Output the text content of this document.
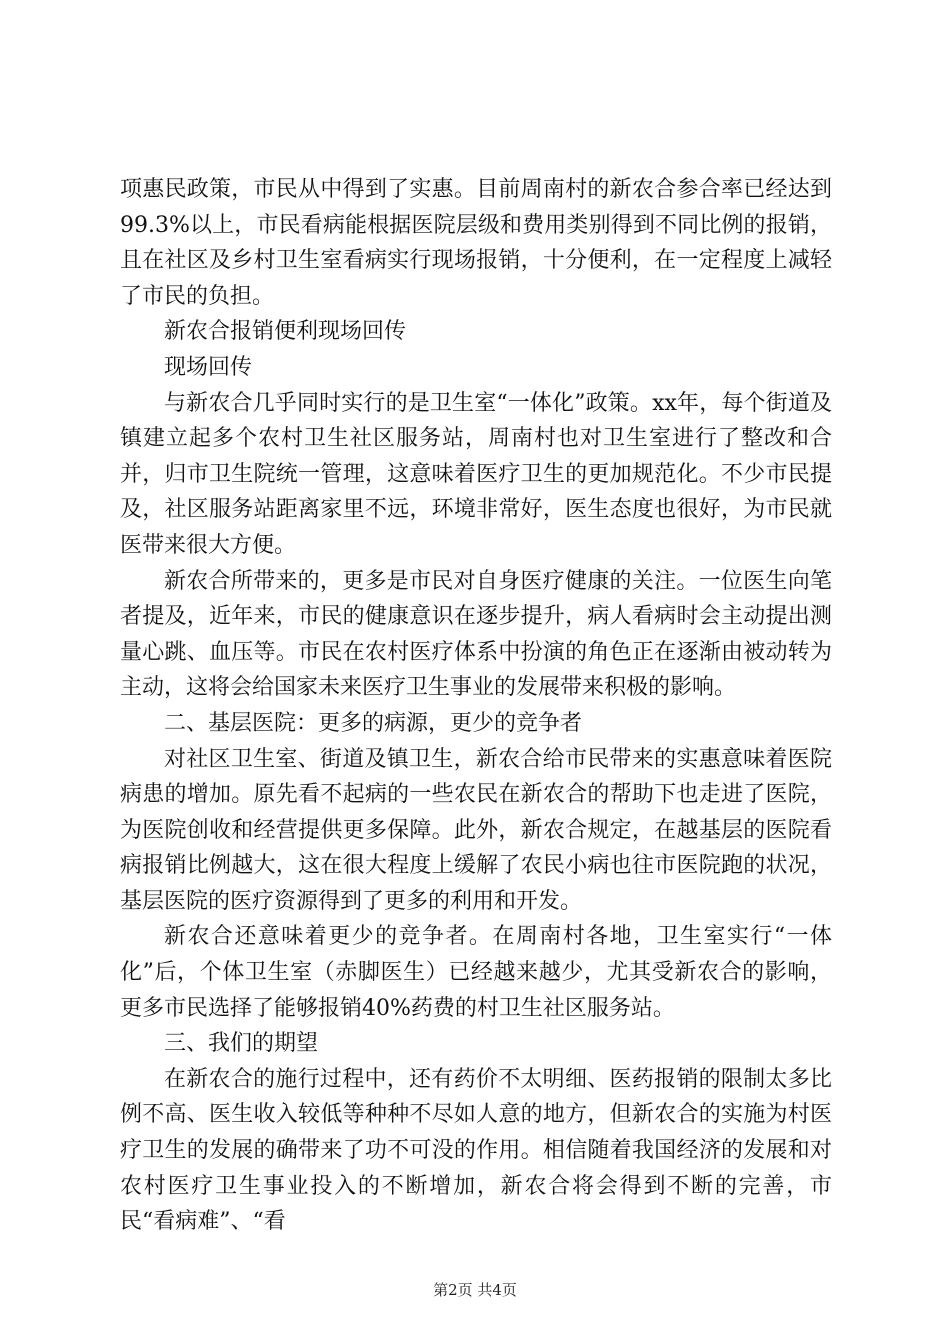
项惠民政策，市民从中得到了实惠。目前周南村的新农合参合率已经达到99.3%以上，市民看病能根据医院层级和费用类别得到不同比例的报销，且在社区及乡村卫生室看病实行现场报销，十分便利，在一定程度上减轻了市民的负担。

新农合报销便利现场回传

现场回传

与新农合几乎同时实行的是卫生室“一体化”政策。xx年，每个街道及镇建立起多个农村卫生社区服务站，周南村也对卫生室进行了整改和合并，归市卫生院统一管理，这意味着医疗卫生的更加规范化。不少市民提及，社区服务站距离家里不远，环境非常好，医生态度也很好，为市民就医带来很大方便。

新农合所带来的，更多是市民对自身医疗健康的关注。一位医生向笔者提及，近年来，市民的健康意识在逐步提升，病人看病时会主动提出测量心跳、血压等。市民在农村医疗体系中扮演的角色正在逐渐由被动转为主动，这将会给国家未来医疗卫生事业的发展带来积极的影响。

二、基层医院：更多的病源，更少的竞争者

对社区卫生室、街道及镇卫生，新农合给市民带来的实惠意味着医院病患的增加。原先看不起病的一些农民在新农合的帮助下也走进了医院，为医院创收和经营提供更多保障。此外，新农合规定，在越基层的医院看病报销比例越大，这在很大程度上缓解了农民小病也往市医院跑的状况，基层医院的医疗资源得到了更多的利用和开发。

新农合还意味着更少的竞争者。在周南村各地，卫生室实行“一体化”后，个体卫生室（赤脚医生）已经越来越少，尤其受新农合的影响，更多市民选择了能够报销40%药费的村卫生社区服务站。

三、我们的期望

在新农合的施行过程中，还有药价不太明细、医药报销的限制太多比例不高、医生收入较低等种种不尽如人意的地方，但新农合的实施为村医疗卫生的发展的确带来了功不可没的作用。相信随着我国经济的发展和对农村医疗卫生事业投入的不断增加，新农合将会得到不断的完善，市民“看病难”、“看

第2页 共4页
